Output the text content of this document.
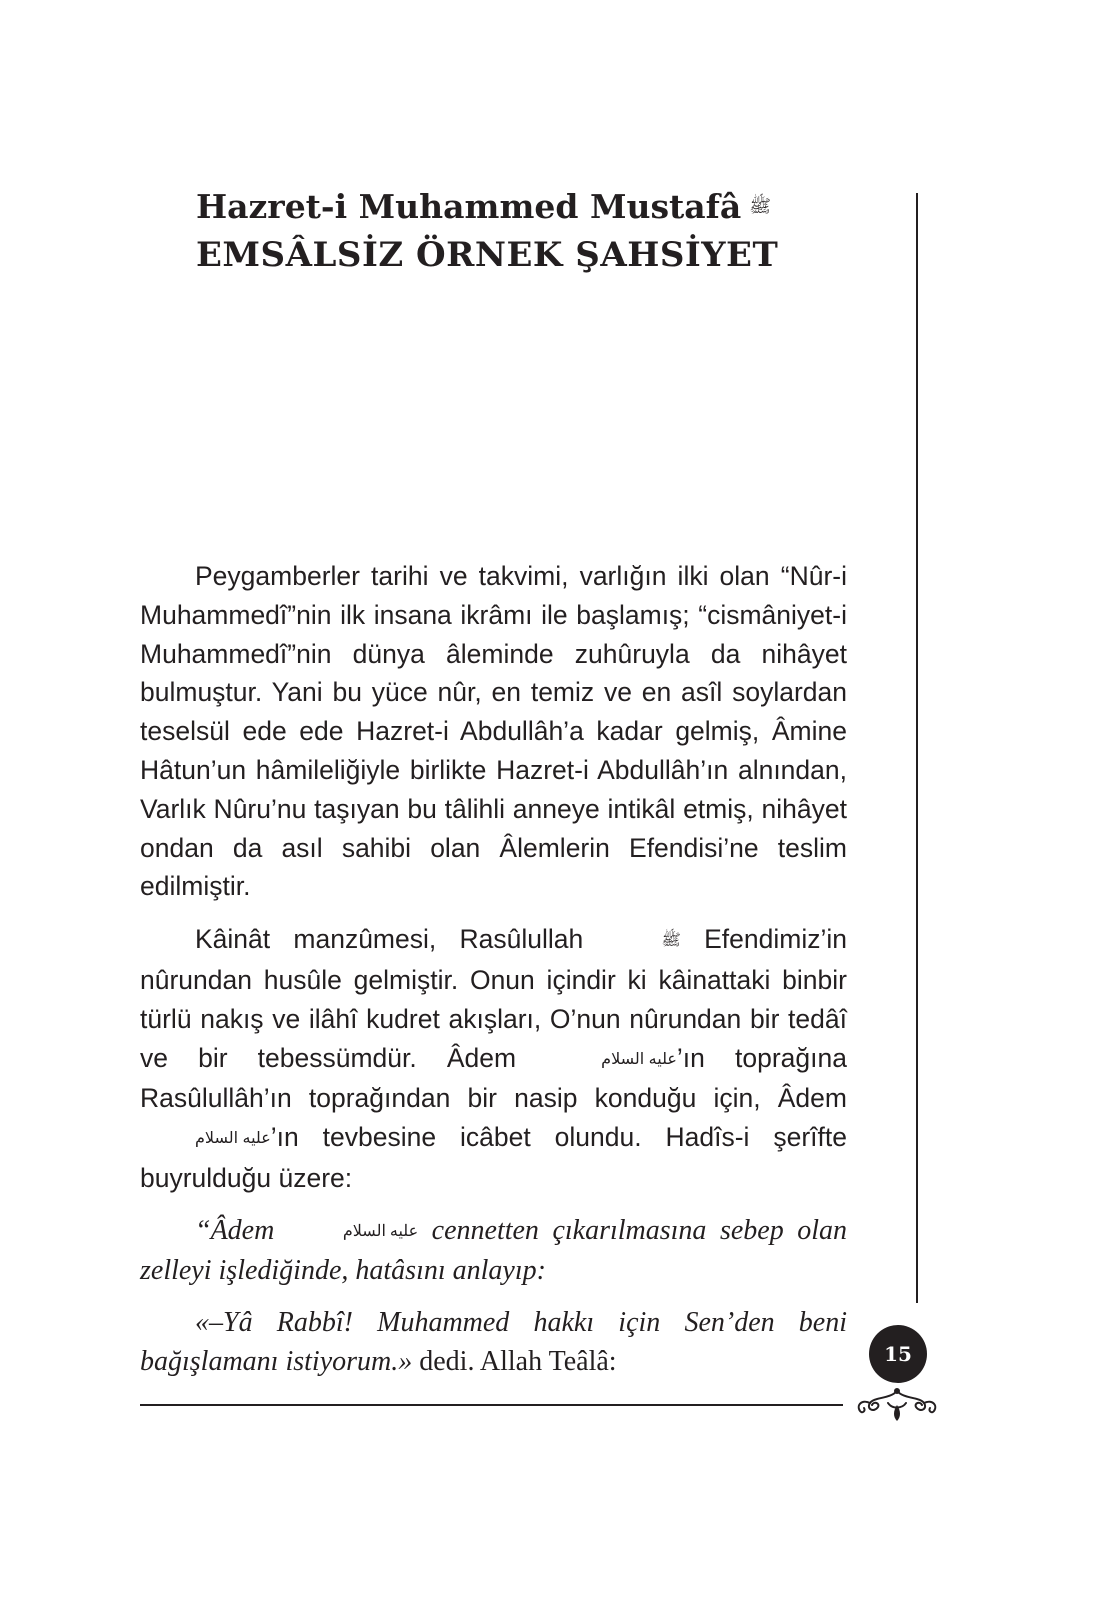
Hazret-i Muhammed Mustafâ ﷺ
EMSÂLSİZ ÖRNEK ŞAHSİYET

Peygamberler tarihi ve takvimi, varlığın ilki olan “Nûr-i Muhammedî”nin ilk insana ikrâmı ile başlamış; “cismâniyet-i Muhammedî”nin dünya âleminde zuhûruyla da nihâyet bulmuştur. Yani bu yüce nûr, en temiz ve en asîl soylardan teselsül ede ede Hazret-i Abdullâh’a kadar gelmiş, Âmine Hâtun’un hâmileliğiyle birlikte Hazret-i Abdullâh’ın alnından, Varlık Nûru’nu taşıyan bu tâlihli anneye intikâl etmiş, nihâyet ondan da asıl sahibi olan Âlemlerin Efendisi’ne teslim edilmiştir.

Kâinât manzûmesi, Rasûlullah	ﷺ Efendimiz’in nûrundan husûle gelmiştir. Onun içindir ki kâinattaki binbir türlü nakış ve ilâhî kudret akışları, O’nun nûrundan bir tedâî ve bir tebessümdür. Âdem	عليه السلام’ın toprağına Rasûlullâh’ın toprağından bir nasip konduğu için, Âdem عليه السلام’ın tevbesine icâbet olundu. Hadîs-i şerîfte buyrulduğu üzere:

“Âdem	عليه السلام cennetten çıkarılmasına sebep olan zelleyi işlediğinde, hatâsını anlayıp:

«–Yâ Rabbî! Muhammed hakkı için Sen’den beni bağışlamanı istiyorum.» dedi. Allah Teâlâ:	15
